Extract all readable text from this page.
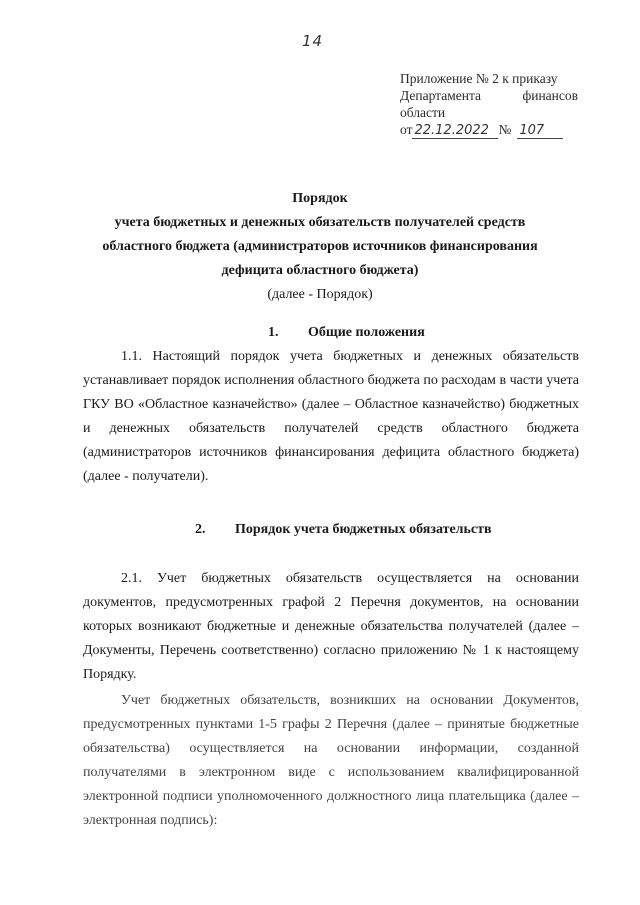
14
Приложение № 2 к приказу
Департамента	финансов
области
от 22.12.2022 № 107
Порядок
учета бюджетных и денежных обязательств получателей средств
областного бюджета (администраторов источников финансирования
дефицита областного бюджета)
(далее - Порядок)
1. Общие положения

1.1. Настоящий порядок учета бюджетных и денежных обязательств устанавливает порядок исполнения областного бюджета по расходам в части учета ГКУ ВО «Областное казначейство» (далее – Областное казначейство) бюджетных и денежных обязательств получателей средств областного бюджета (администраторов источников финансирования дефицита областного бюджета) (далее - получатели).

2. Порядок учета бюджетных обязательств

2.1. Учет бюджетных обязательств осуществляется на основании документов, предусмотренных графой 2 Перечня документов, на основании которых возникают бюджетные и денежные обязательства получателей (далее – Документы, Перечень соответственно) согласно приложению № 1 к настоящему Порядку.

Учет бюджетных обязательств, возникших на основании Документов, предусмотренных пунктами 1-5 графы 2 Перечня (далее – принятые бюджетные обязательства) осуществляется на основании информации, созданной получателями в электронном виде с использованием квалифицированной электронной подписи уполномоченного должностного лица плательщика (далее – электронная подпись):
